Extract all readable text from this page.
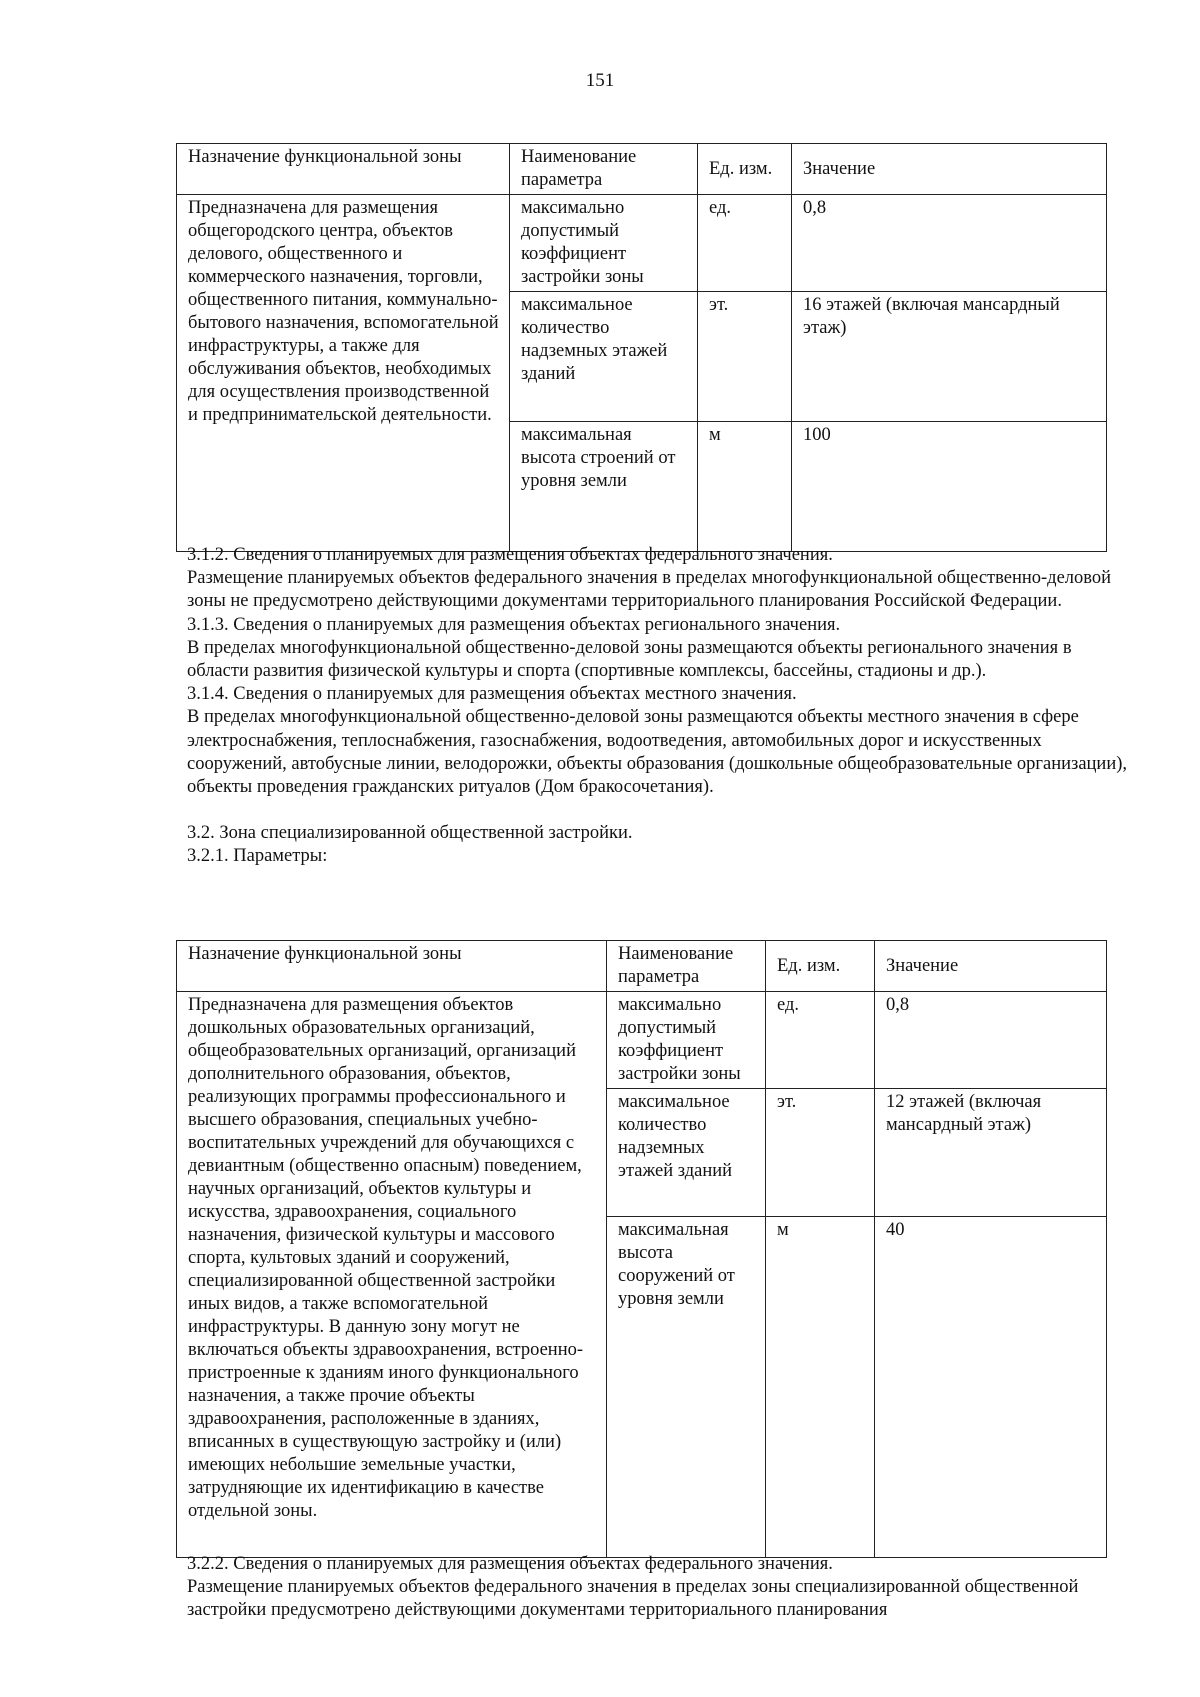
151
Назначение функциональной зоны	Наименование параметра	Ед. изм.	Значение
Предназначена для размещения общегородского центра, объектов делового, общественного и коммерческого назначения, торговли, общественного питания, коммунально-бытового назначения, вспомогательной инфраструктуры, а также для обслуживания объектов, необходимых для осуществления производственной и предпринимательской деятельности.	максимально допустимый коэффициент застройки зоны	ед.	0,8
	максимальное количество надземных этажей зданий	эт.	16 этажей (включая мансардный этаж)
	максимальная высота строений от уровня земли	м	100

3.1.2. Сведения о планируемых для размещения объектах федерального значения.

Размещение планируемых объектов федерального значения в пределах многофункциональной общественно-деловой зоны не предусмотрено действующими документами территориального планирования Российской Федерации.

3.1.3. Сведения о планируемых для размещения объектах регионального значения.

В пределах многофункциональной общественно-деловой зоны размещаются объекты регионального значения в области развития физической культуры и спорта (спортивные комплексы, бассейны, стадионы и др.).

3.1.4. Сведения о планируемых для размещения объектах местного значения.

В пределах многофункциональной общественно-деловой зоны размещаются объекты местного значения в сфере электроснабжения, теплоснабжения, газоснабжения, водоотведения, автомобильных дорог и искусственных сооружений, автобусные линии, велодорожки, объекты образования (дошкольные общеобразовательные организации), объекты проведения гражданских ритуалов (Дом бракосочетания).

3.2. Зона специализированной общественной застройки.

3.2.1. Параметры:

Назначение функциональной зоны	Наименование параметра	Ед. изм.	Значение
Предназначена для размещения объектов дошкольных образовательных организаций, общеобразовательных организаций, организаций дополнительного образования, объектов, реализующих программы профессионального и высшего образования, специальных учебно-воспитательных учреждений для обучающихся с девиантным (общественно опасным) поведением, научных организаций, объектов культуры и искусства, здравоохранения, социального назначения, физической культуры и массового спорта, культовых зданий и сооружений, специализированной общественной застройки иных видов, а также вспомогательной инфраструктуры. В данную зону могут не включаться объекты здравоохранения, встроенно-пристроенные к зданиям иного функционального назначения, а также прочие объекты здравоохранения, расположенные в зданиях, вписанных в существующую застройку и (или) имеющих небольшие земельные участки, затрудняющие их идентификацию в качестве отдельной зоны.	максимально допустимый коэффициент застройки зоны	ед.	0,8
	максимальное количество надземных этажей зданий	эт.	12 этажей (включая мансардный этаж)
	максимальная высота сооружений от уровня земли	м	40

3.2.2. Сведения о планируемых для размещения объектах федерального значения.

Размещение планируемых объектов федерального значения в пределах зоны специализированной общественной застройки предусмотрено действующими документами территориального планирования
